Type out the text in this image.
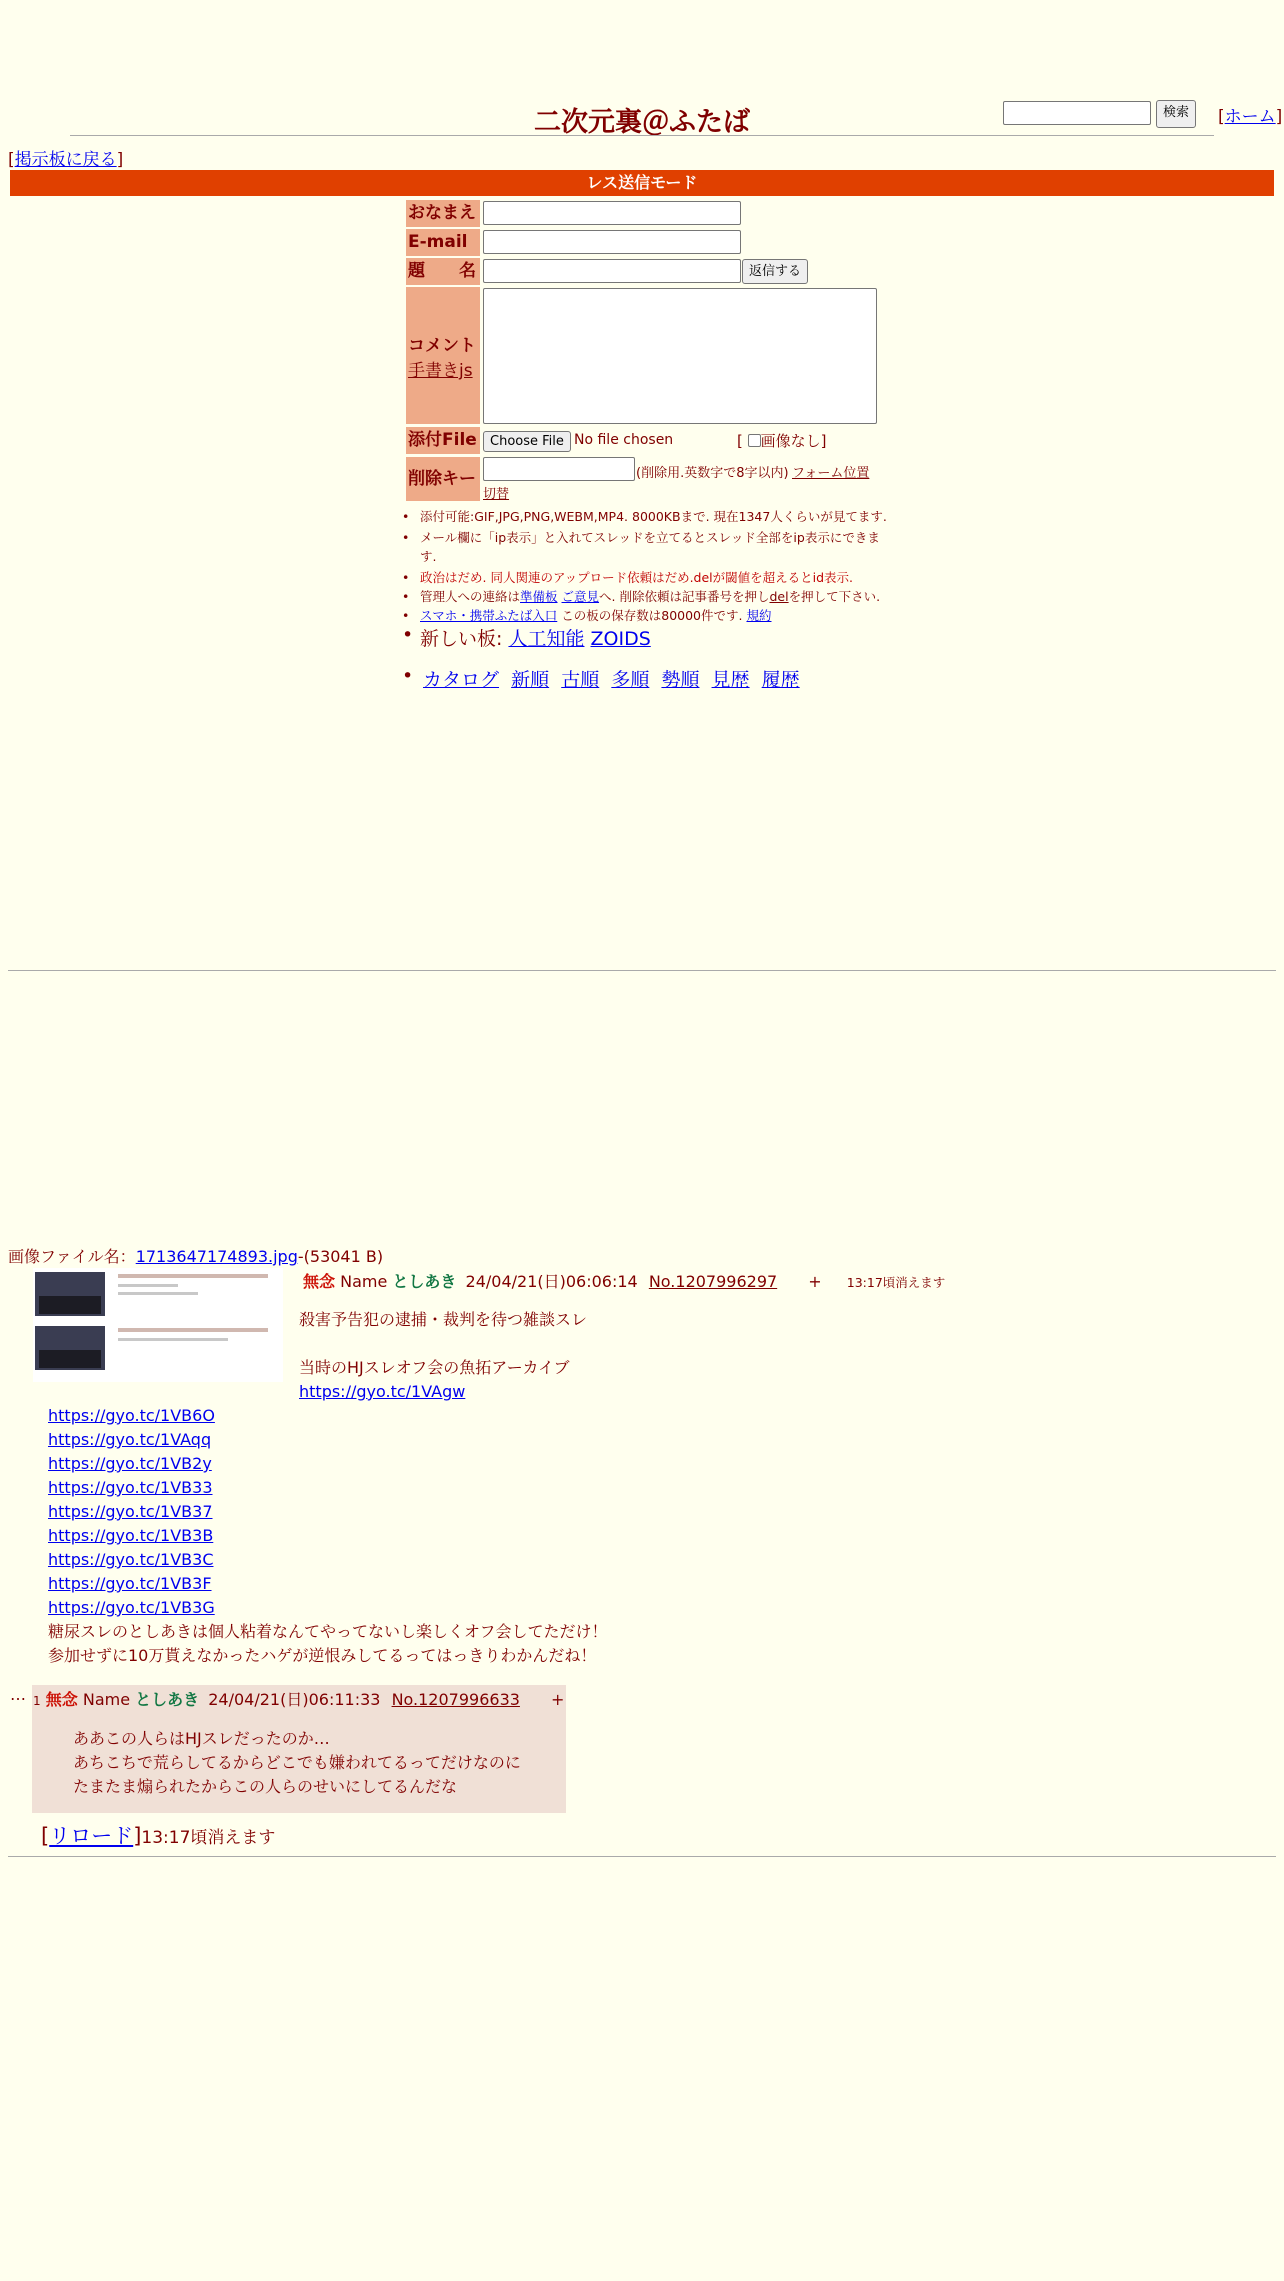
二次元裏＠ふたば	検索	[ホーム]
[掲示板に戻る]
レス送信モード
おなまえ
E-mail
題　　名	返信する
コメント
手書きjs
添付File	Choose File No file chosen	[ 画像なし]
削除キー	(削除用.英数字で8字以内) フォーム位置
切替
• 添付可能:GIF,JPG,PNG,WEBM,MP4. 8000KBまで. 現在1347人くらいが見てます.
• メール欄に「ip表示」と入れてスレッドを立てるとスレッド全部をip表示にできま
す.
• 政治はだめ. 同人関連のアップロード依頼はだめ.delが閾値を超えるとid表示.
• 管理人への連絡は準備板 ご意見へ. 削除依頼は記事番号を押しdelを押して下さい.
• スマホ・携帯ふたば入口 この板の保存数は80000件です. 規約
• 新しい板: 人工知能 ZOIDS
• カタログ 新順 古順 多順 勢順 見歴 履歴
画像ファイル名：1713647174893.jpg-(53041 B)
無念 Name としあき 24/04/21(日)06:06:14 No.1207996297 + 13:17頃消えます
殺害予告犯の逮捕・裁判を待つ雑談スレ
当時のHJスレオフ会の魚拓アーカイブ
https://gyo.tc/1VAgw
https://gyo.tc/1VB6O
https://gyo.tc/1VAqq
https://gyo.tc/1VB2y
https://gyo.tc/1VB33
https://gyo.tc/1VB37
https://gyo.tc/1VB3B
https://gyo.tc/1VB3C
https://gyo.tc/1VB3F
https://gyo.tc/1VB3G
糖尿スレのとしあきは個人粘着なんてやってないし楽しくオフ会してただけ！
参加せずに10万貰えなかったハゲが逆恨みしてるってはっきりわかんだね！
… 1 無念 Name としあき 24/04/21(日)06:11:33 No.1207996633 +
ああこの人らはHJスレだったのか…
あちこちで荒らしてるからどこでも嫌われてるってだけなのに
たまたま煽られたからこの人らのせいにしてるんだな
[リロード]13:17頃消えます
